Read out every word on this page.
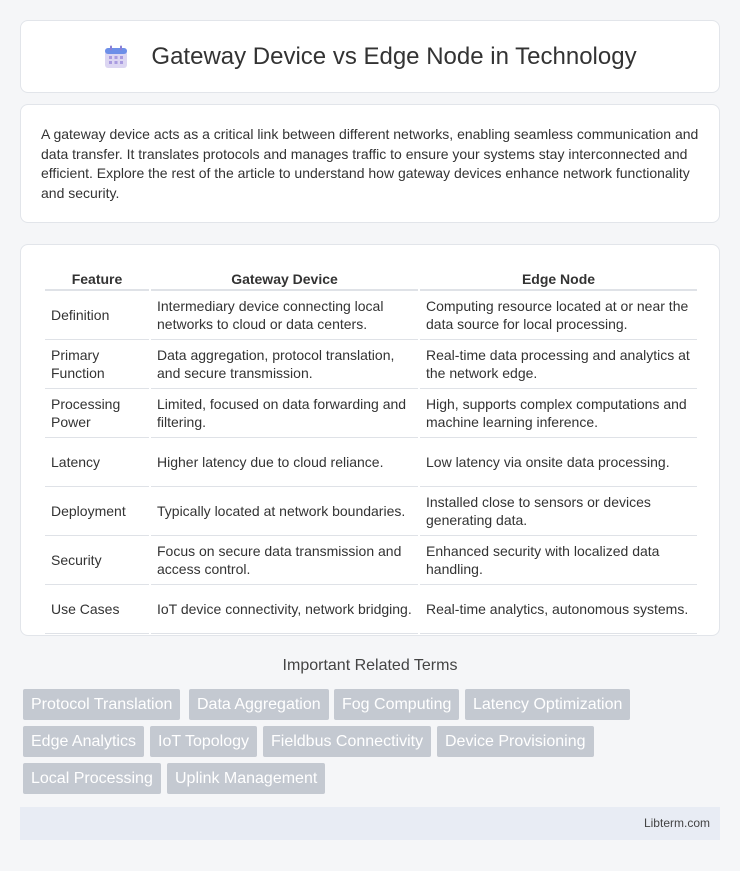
Gateway Device vs Edge Node in Technology

A gateway device acts as a critical link between different networks, enabling seamless communication and data transfer. It translates protocols and manages traffic to ensure your systems stay interconnected and efficient. Explore the rest of the article to understand how gateway devices enhance network functionality and security.

Feature	Gateway Device	Edge Node
Definition	Intermediary device connecting local networks to cloud or data centers.	Computing resource located at or near the data source for local processing.
Primary Function	Data aggregation, protocol translation, and secure transmission.	Real-time data processing and analytics at the network edge.
Processing Power	Limited, focused on data forwarding and filtering.	High, supports complex computations and machine learning inference.
Latency	Higher latency due to cloud reliance.	Low latency via onsite data processing.
Deployment	Typically located at network boundaries.	Installed close to sensors or devices generating data.
Security	Focus on secure data transmission and access control.	Enhanced security with localized data handling.
Use Cases	IoT device connectivity, network bridging.	Real-time analytics, autonomous systems.
Important Related Terms
Protocol Translation	Data Aggregation	Fog Computing	Latency Optimization
Edge Analytics	IoT Topology	Fieldbus Connectivity	Device Provisioning
Local Processing	Uplink Management
Libterm.com
